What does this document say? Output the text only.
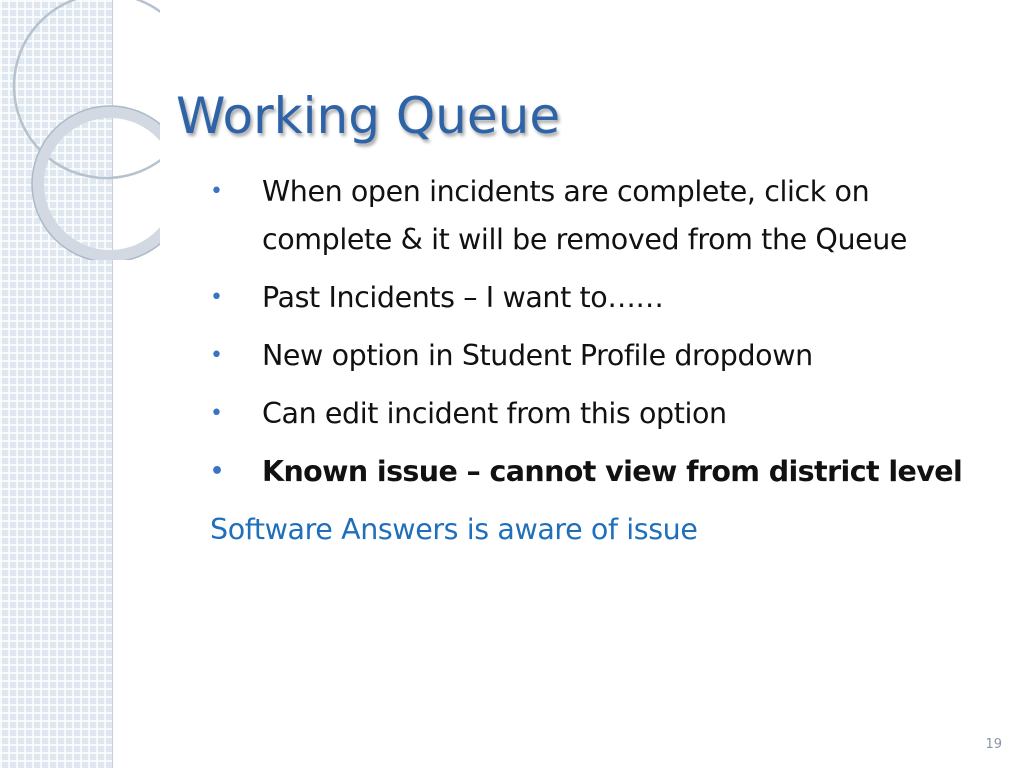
Working Queue
• When open incidents are complete, click on complete & it will be removed from the Queue
• Past Incidents – I want to……
• New option in Student Profile dropdown
• Can edit incident from this option
• Known issue – cannot view from district level
Software Answers is aware of issue
19
